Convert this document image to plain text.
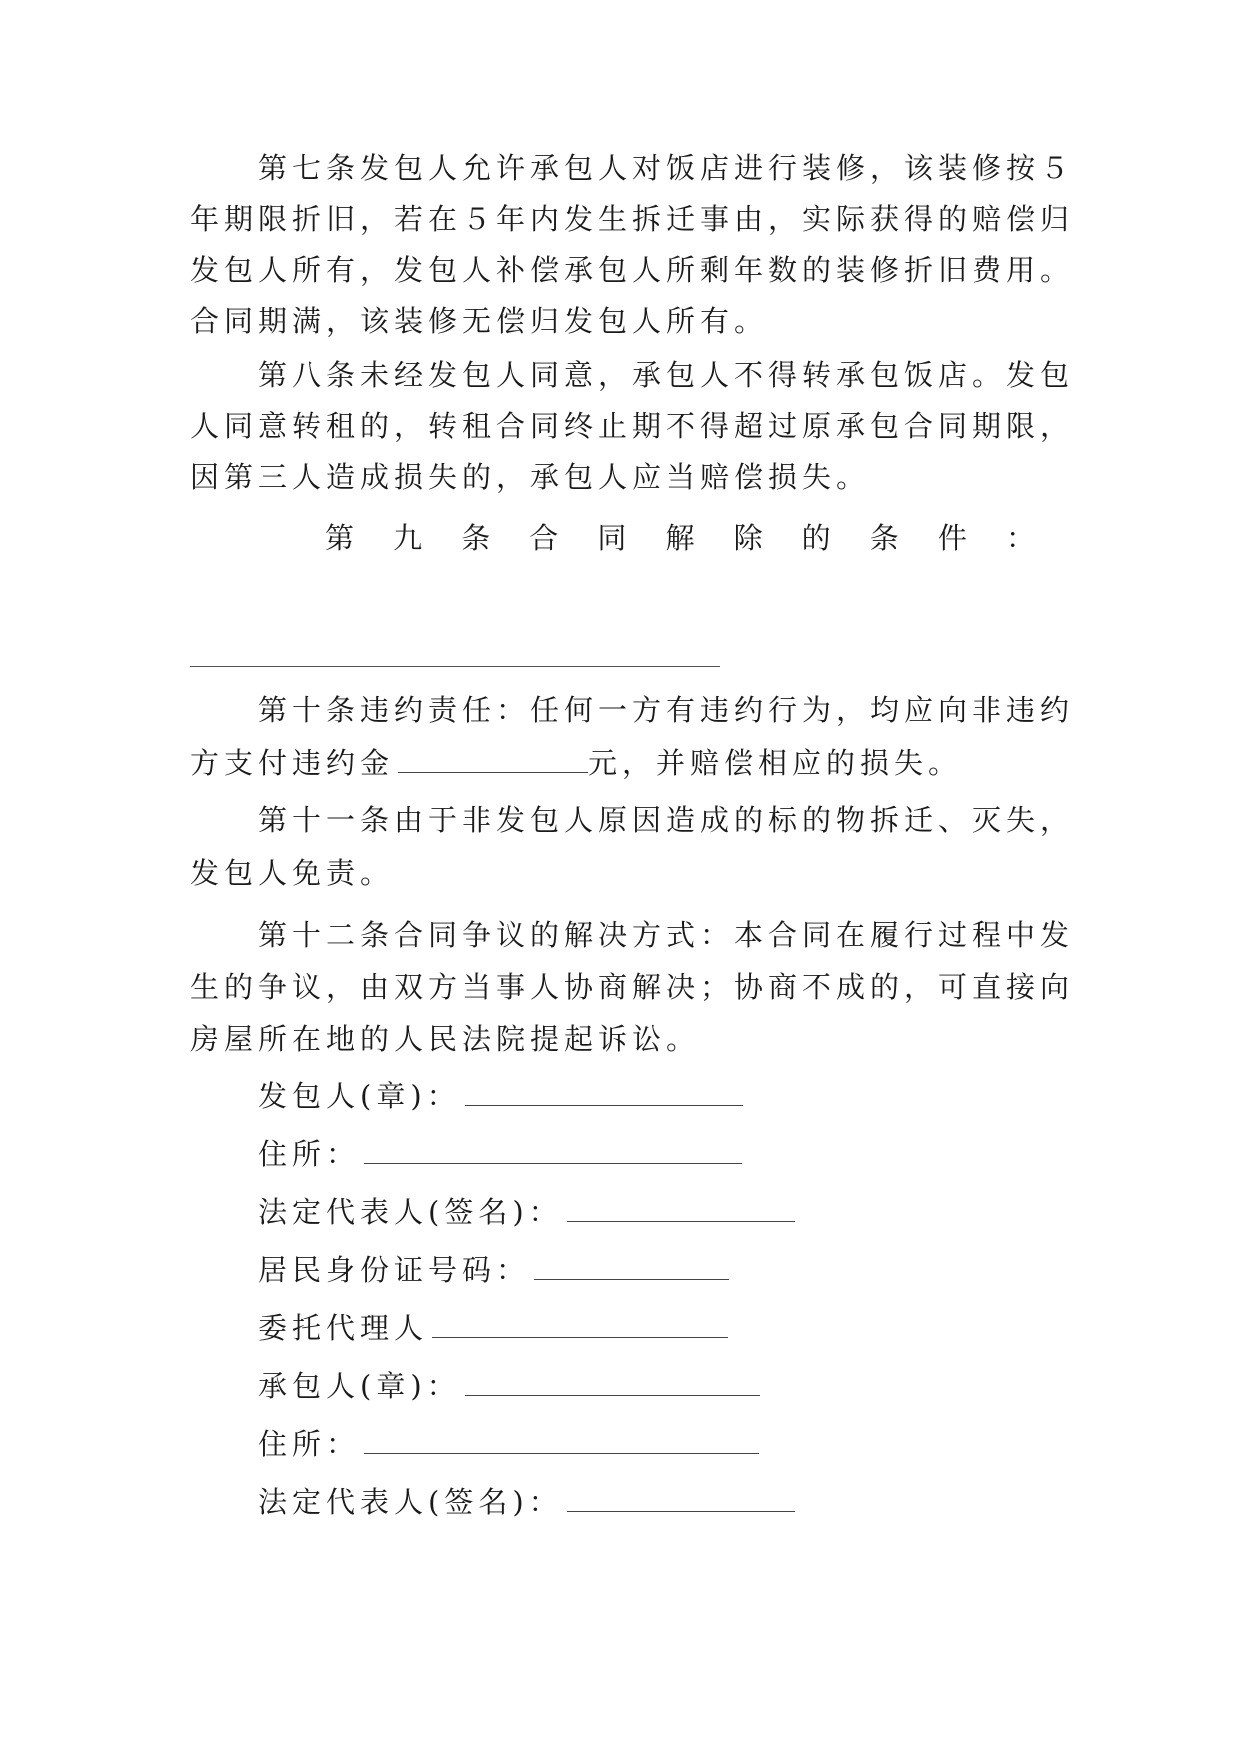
第七条发包人允许承包人对饭店进行装修，该装修按５
年期限折旧，若在５年内发生拆迁事由，实际获得的赔偿归
发包人所有，发包人补偿承包人所剩年数的装修折旧费用。
合同期满，该装修无偿归发包人所有。
第八条未经发包人同意，承包人不得转承包饭店。发包
人同意转租的，转租合同终止期不得超过原承包合同期限，
因第三人造成损失的，承包人应当赔偿损失。
第 九 条 合 同 解 除 的 条 件 ：
第十条违约责任：任何一方有违约行为，均应向非违约
方支付违约金	元，并赔偿相应的损失。
第十一条由于非发包人原因造成的标的物拆迁、灭失，
发包人免责。
第十二条合同争议的解决方式：本合同在履行过程中发
生的争议，由双方当事人协商解决；协商不成的，可直接向
房屋所在地的人民法院提起诉讼。
发包人(章)：
住所：
法定代表人(签名)：
居民身份证号码：
委托代理人
承包人(章)：
住所：
法定代表人(签名)：
